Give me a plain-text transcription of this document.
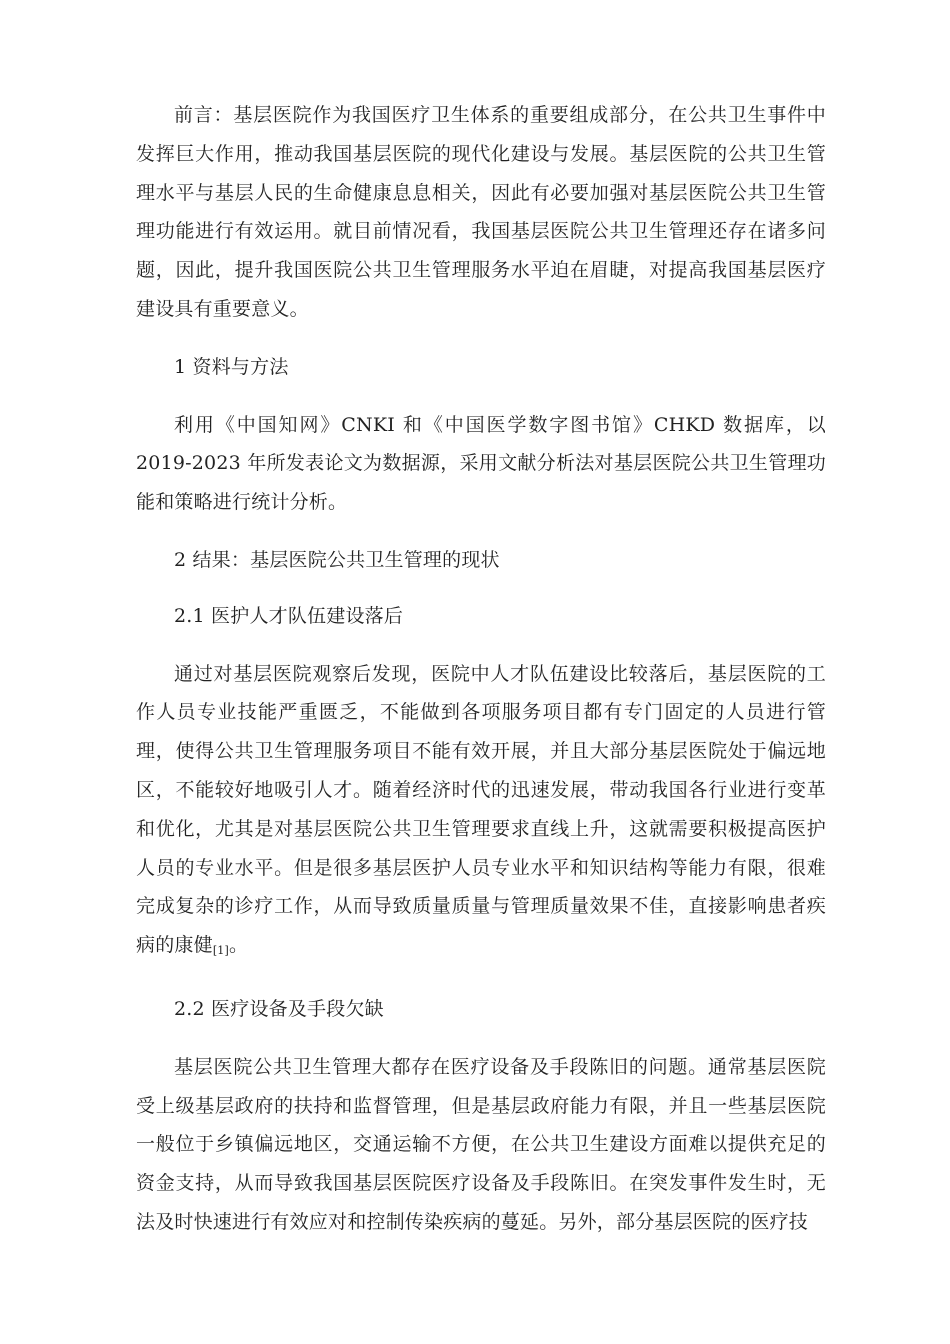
前言：基层医院作为我国医疗卫生体系的重要组成部分，在公共卫生事件中发挥巨大作用，推动我国基层医院的现代化建设与发展。基层医院的公共卫生管理水平与基层人民的生命健康息息相关，因此有必要加强对基层医院公共卫生管理功能进行有效运用。就目前情况看，我国基层医院公共卫生管理还存在诸多问题，因此，提升我国医院公共卫生管理服务水平迫在眉睫，对提高我国基层医疗建设具有重要意义。

1 资料与方法

利用《中国知网》CNKI 和《中国医学数字图书馆》CHKD 数据库，以 2019-2023 年所发表论文为数据源，采用文献分析法对基层医院公共卫生管理功能和策略进行统计分析。

2 结果：基层医院公共卫生管理的现状

2.1 医护人才队伍建设落后

通过对基层医院观察后发现，医院中人才队伍建设比较落后，基层医院的工作人员专业技能严重匮乏，不能做到各项服务项目都有专门固定的人员进行管理，使得公共卫生管理服务项目不能有效开展，并且大部分基层医院处于偏远地区，不能较好地吸引人才。随着经济时代的迅速发展，带动我国各行业进行变革和优化，尤其是对基层医院公共卫生管理要求直线上升，这就需要积极提高医护人员的专业水平。但是很多基层医护人员专业水平和知识结构等能力有限，很难完成复杂的诊疗工作，从而导致质量质量与管理质量效果不佳，直接影响患者疾病的康健[1]。

2.2 医疗设备及手段欠缺

基层医院公共卫生管理大都存在医疗设备及手段陈旧的问题。通常基层医院受上级基层政府的扶持和监督管理，但是基层政府能力有限，并且一些基层医院一般位于乡镇偏远地区，交通运输不方便，在公共卫生建设方面难以提供充足的资金支持，从而导致我国基层医院医疗设备及手段陈旧。在突发事件发生时，无法及时快速进行有效应对和控制传染疾病的蔓延。另外，部分基层医院的医疗技
